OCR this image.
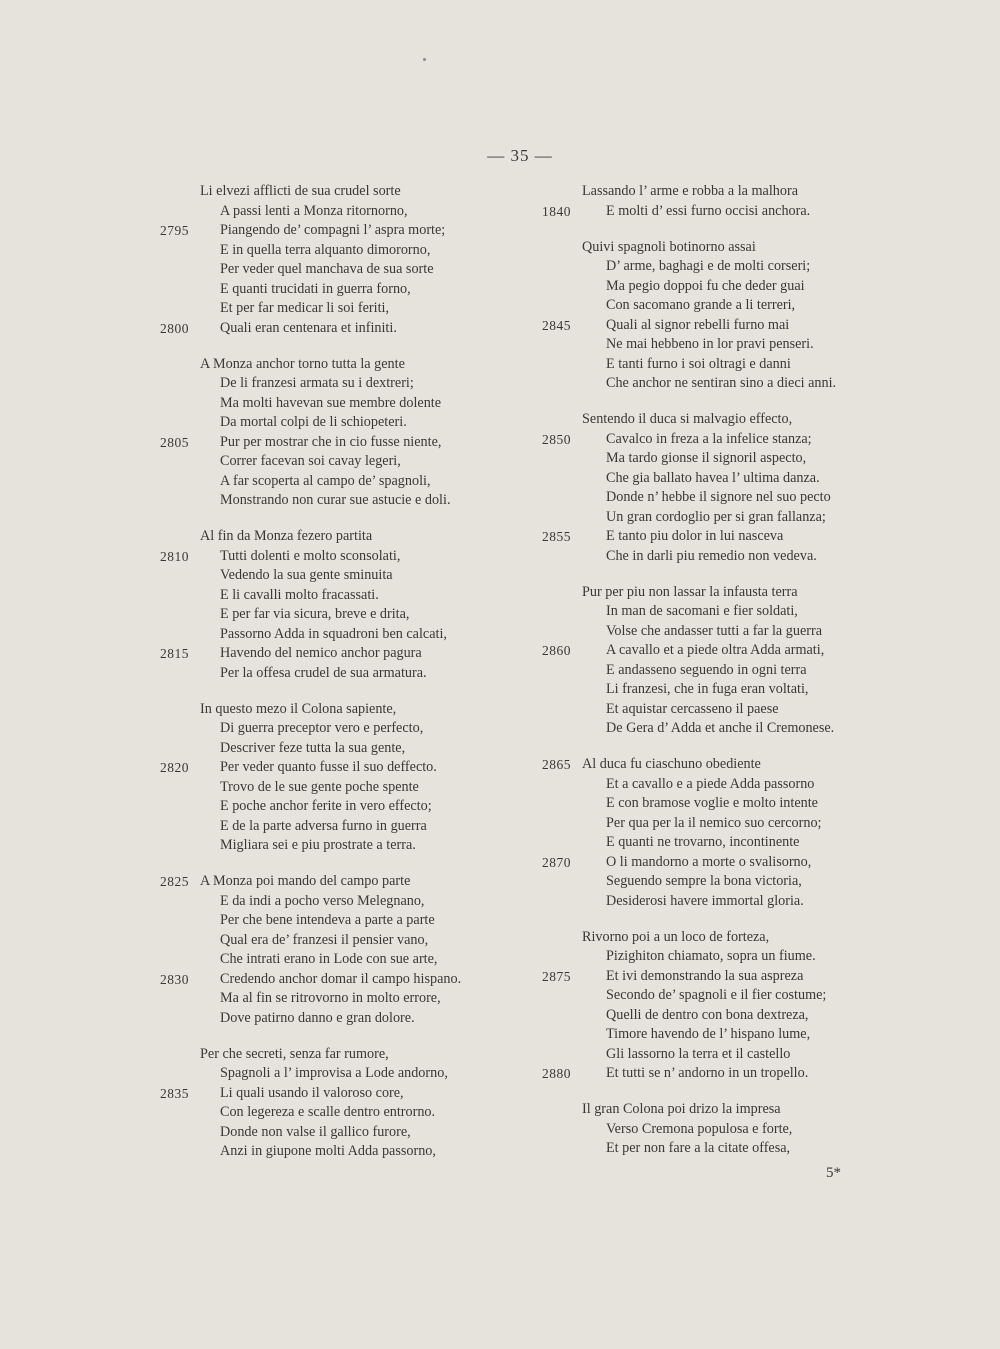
— 35 —
Li elvezi afflicti de sua crudel sorte
A passi lenti a Monza ritornorno,
2795 Piangendo de’ compagni l’ aspra morte;
E in quella terra alquanto dimororno,
Per veder quel manchava de sua sorte
E quanti trucidati in guerra forno,
Et per far medicar li soi feriti,
2800 Quali eran centenara et infiniti.
A Monza anchor torno tutta la gente
De li franzesi armata su i dextreri;
Ma molti havevan sue membre dolente
Da mortal colpi de li schiopeteri.
2805 Pur per mostrar che in cio fusse niente,
Correr facevan soi cavay legeri,
A far scoperta al campo de’ spagnoli,
Monstrando non curar sue astucie e doli.
Al fin da Monza fezero partita
2810 Tutti dolenti e molto sconsolati,
Vedendo la sua gente sminuita
E li cavalli molto fracassati.
E per far via sicura, breve e drita,
Passorno Adda in squadroni ben calcati,
2815 Havendo del nemico anchor pagura
Per la offesa crudel de sua armatura.
In questo mezo il Colona sapiente,
Di guerra preceptor vero e perfecto,
Descriver feze tutta la sua gente,
2820 Per veder quanto fusse il suo deffecto.
Trovo de le sue gente poche spente
E poche anchor ferite in vero effecto;
E de la parte adversa furno in guerra
Migliara sei e piu prostrate a terra.
2825 A Monza poi mando del campo parte
E da indi a pocho verso Melegnano,
Per che bene intendeva a parte a parte
Qual era de’ franzesi il pensier vano,
Che intrati erano in Lode con sue arte,
2830 Credendo anchor domar il campo hispano.
Ma al fin se ritrovorno in molto errore,
Dove patirno danno e gran dolore.
Per che secreti, senza far rumore,
Spagnoli a l’ improvisa a Lode andorno,
2835 Li quali usando il valoroso core,
Con legereza e scalle dentro entrorno.
Donde non valse il gallico furore,
Anzi in giupone molti Adda passorno,
Lassando l’ arme e robba a la malhora
1840 E molti d’ essi furno occisi anchora.
Quivi spagnoli botinorno assai
D’ arme, baghagi e de molti corseri;
Ma pegio doppoi fu che deder guai
Con sacomano grande a li terreri,
2845 Quali al signor rebelli furno mai
Ne mai hebbeno in lor pravi penseri.
E tanti furno i soi oltragi e danni
Che anchor ne sentiran sino a dieci anni.
Sentendo il duca si malvagio effecto,
2850 Cavalco in freza a la infelice stanza;
Ma tardo gionse il signoril aspecto,
Che gia ballato havea l’ ultima danza.
Donde n’ hebbe il signore nel suo pecto
Un gran cordoglio per si gran fallanza;
2855 E tanto piu dolor in lui nasceva
Che in darli piu remedio non vedeva.
Pur per piu non lassar la infausta terra
In man de sacomani e fier soldati,
Volse che andasser tutti a far la guerra
2860 A cavallo et a piede oltra Adda armati,
E andasseno seguendo in ogni terra
Li franzesi, che in fuga eran voltati,
Et aquistar cercasseno il paese
De Gera d’ Adda et anche il Cremonese.
2865 Al duca fu ciaschuno obediente
Et a cavallo e a piede Adda passorno
E con bramose voglie e molto intente
Per qua per la il nemico suo cercorno;
E quanti ne trovarno, incontinente
2870 O li mandorno a morte o svalisorno,
Seguendo sempre la bona victoria,
Desiderosi havere immortal gloria.
Rivorno poi a un loco de forteza,
Pizighiton chiamato, sopra un fiume.
2875 Et ivi demonstrando la sua aspreza
Secondo de’ spagnoli e il fier costume;
Quelli de dentro con bona dextreza,
Timore havendo de l’ hispano lume,
Gli lassorno la terra et il castello
2880 Et tutti se n’ andorno in un tropello.
Il gran Colona poi drizo la impresa
Verso Cremona populosa e forte,
Et per non fare a la citate offesa,
5*
